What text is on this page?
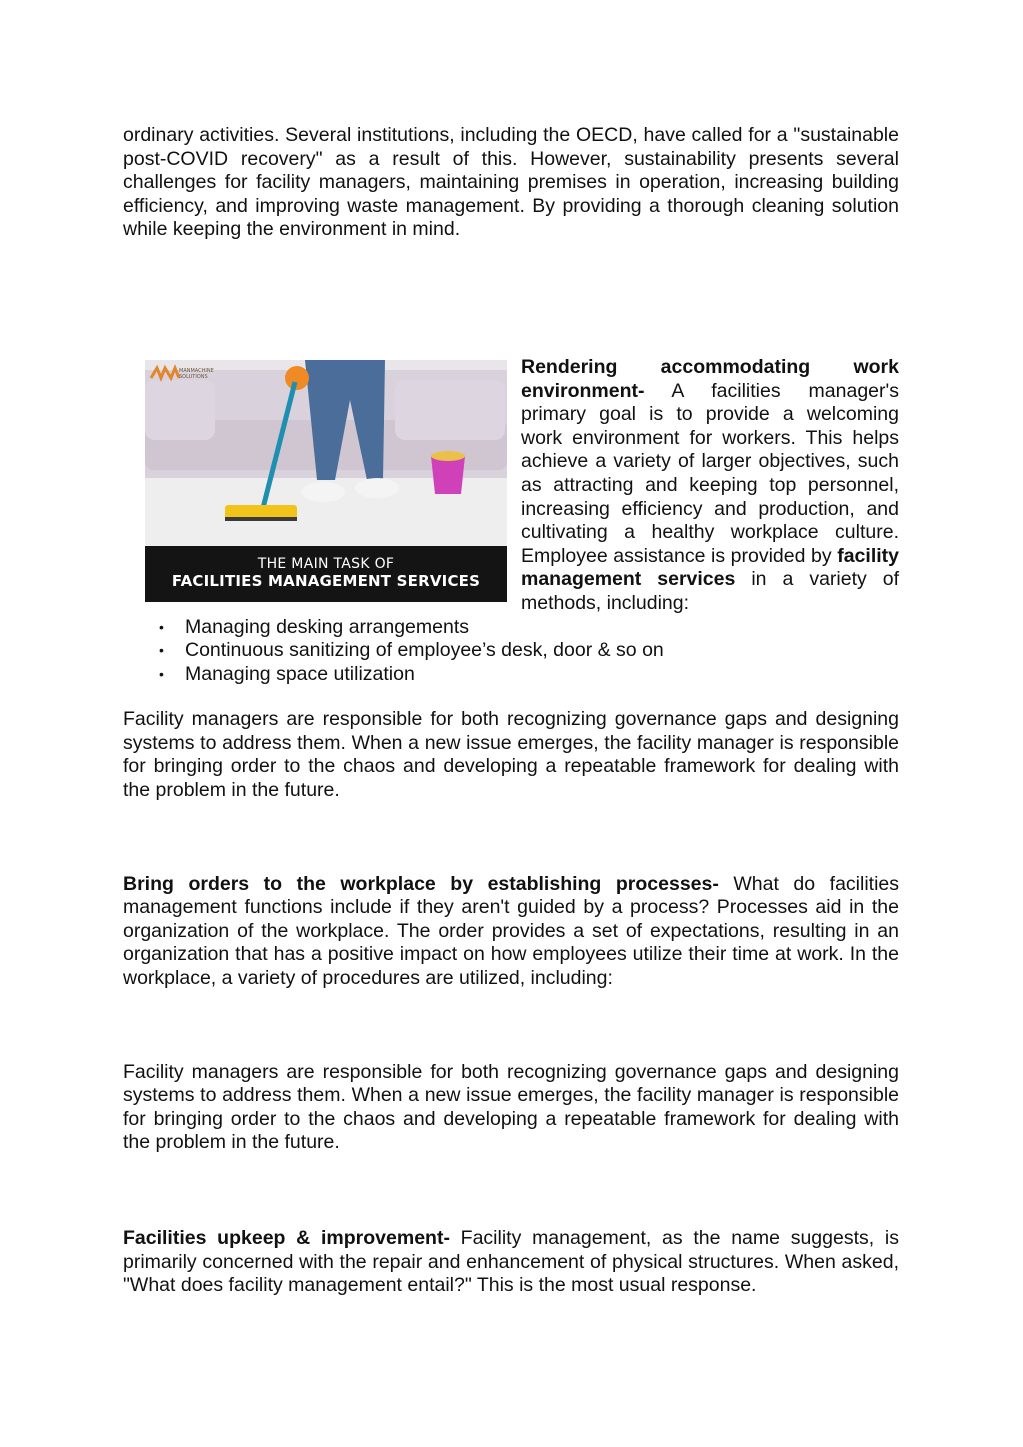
ordinary activities. Several institutions, including the OECD, have called for a "sustainable post-COVID recovery" as a result of this. However, sustainability presents several challenges for facility managers, maintaining premises in operation, increasing building efficiency, and improving waste management. By providing a thorough cleaning solution while keeping the environment in mind.

MANMACHINE
SOLUTIONS
THE MAIN TASK OF
FACILITIES MANAGEMENT SERVICES

Rendering accommodating work environment- A facilities manager's primary goal is to provide a welcoming work environment for workers. This helps achieve a variety of larger objectives, such as attracting and keeping top personnel, increasing efficiency and production, and cultivating a healthy workplace culture. Employee assistance is provided by facility management services in a variety of methods, including:

• Managing desking arrangements
• Continuous sanitizing of employee’s desk, door & so on
• Managing space utilization

Facility managers are responsible for both recognizing governance gaps and designing systems to address them. When a new issue emerges, the facility manager is responsible for bringing order to the chaos and developing a repeatable framework for dealing with the problem in the future.

Bring orders to the workplace by establishing processes- What do facilities management functions include if they aren't guided by a process? Processes aid in the organization of the workplace. The order provides a set of expectations, resulting in an organization that has a positive impact on how employees utilize their time at work. In the workplace, a variety of procedures are utilized, including:

Facility managers are responsible for both recognizing governance gaps and designing systems to address them. When a new issue emerges, the facility manager is responsible for bringing order to the chaos and developing a repeatable framework for dealing with the problem in the future.

Facilities upkeep & improvement- Facility management, as the name suggests, is primarily concerned with the repair and enhancement of physical structures. When asked, "What does facility management entail?" This is the most usual response.
